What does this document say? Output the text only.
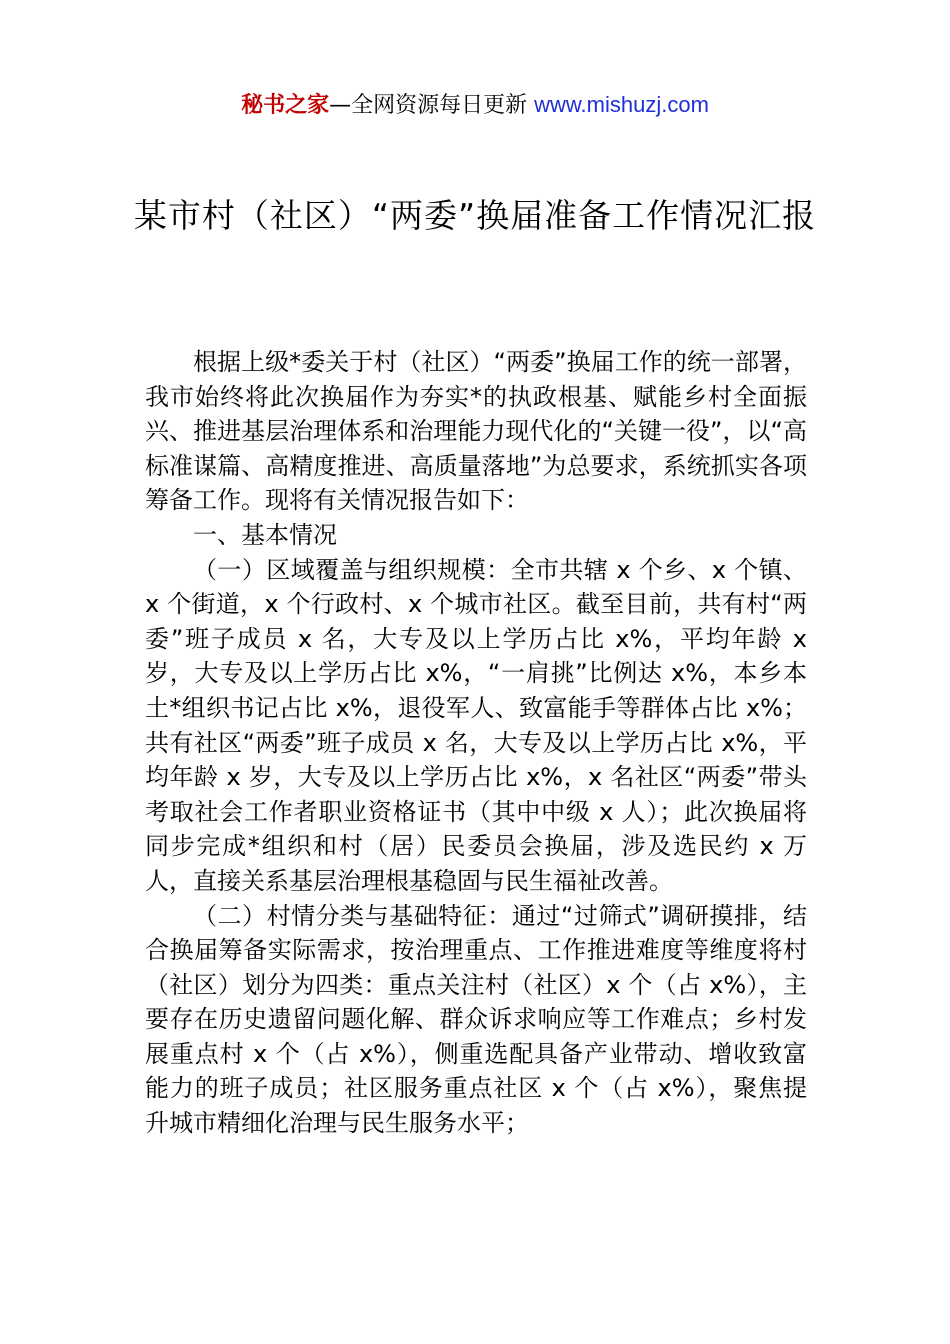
秘书之家—全网资源每日更新 www.mishuzj.com
某市村（社区）“两委”换届准备工作情况汇报

根据上级*委关于村（社区）“两委”换届工作的统一部署，我市始终将此次换届作为夯实*的执政根基、赋能乡村全面振兴、推进基层治理体系和治理能力现代化的“关键一役”，以“高标准谋篇、高精度推进、高质量落地”为总要求，系统抓实各项筹备工作。现将有关情况报告如下：

一、基本情况

（一）区域覆盖与组织规模：全市共辖 x 个乡、x 个镇、x 个街道，x 个行政村、x 个城市社区。截至目前，共有村“两委”班子成员 x 名，大专及以上学历占比 x%，平均年龄 x 岁，大专及以上学历占比 x%，“一肩挑”比例达 x%，本乡本土*组织书记占比 x%，退役军人、致富能手等群体占比 x%；共有社区“两委”班子成员 x 名，大专及以上学历占比 x%，平均年龄 x 岁，大专及以上学历占比 x%，x 名社区“两委”带头考取社会工作者职业资格证书（其中中级 x 人）；此次换届将同步完成*组织和村（居）民委员会换届，涉及选民约 x 万人，直接关系基层治理根基稳固与民生福祉改善。

（二）村情分类与基础特征：通过“过筛式”调研摸排，结合换届筹备实际需求，按治理重点、工作推进难度等维度将村（社区）划分为四类：重点关注村（社区）x 个（占 x%），主要存在历史遗留问题化解、群众诉求响应等工作难点；乡村发展重点村 x 个（占 x%），侧重选配具备产业带动、增收致富能力的班子成员；社区服务重点社区 x 个（占 x%），聚焦提升城市精细化治理与民生服务水平；
